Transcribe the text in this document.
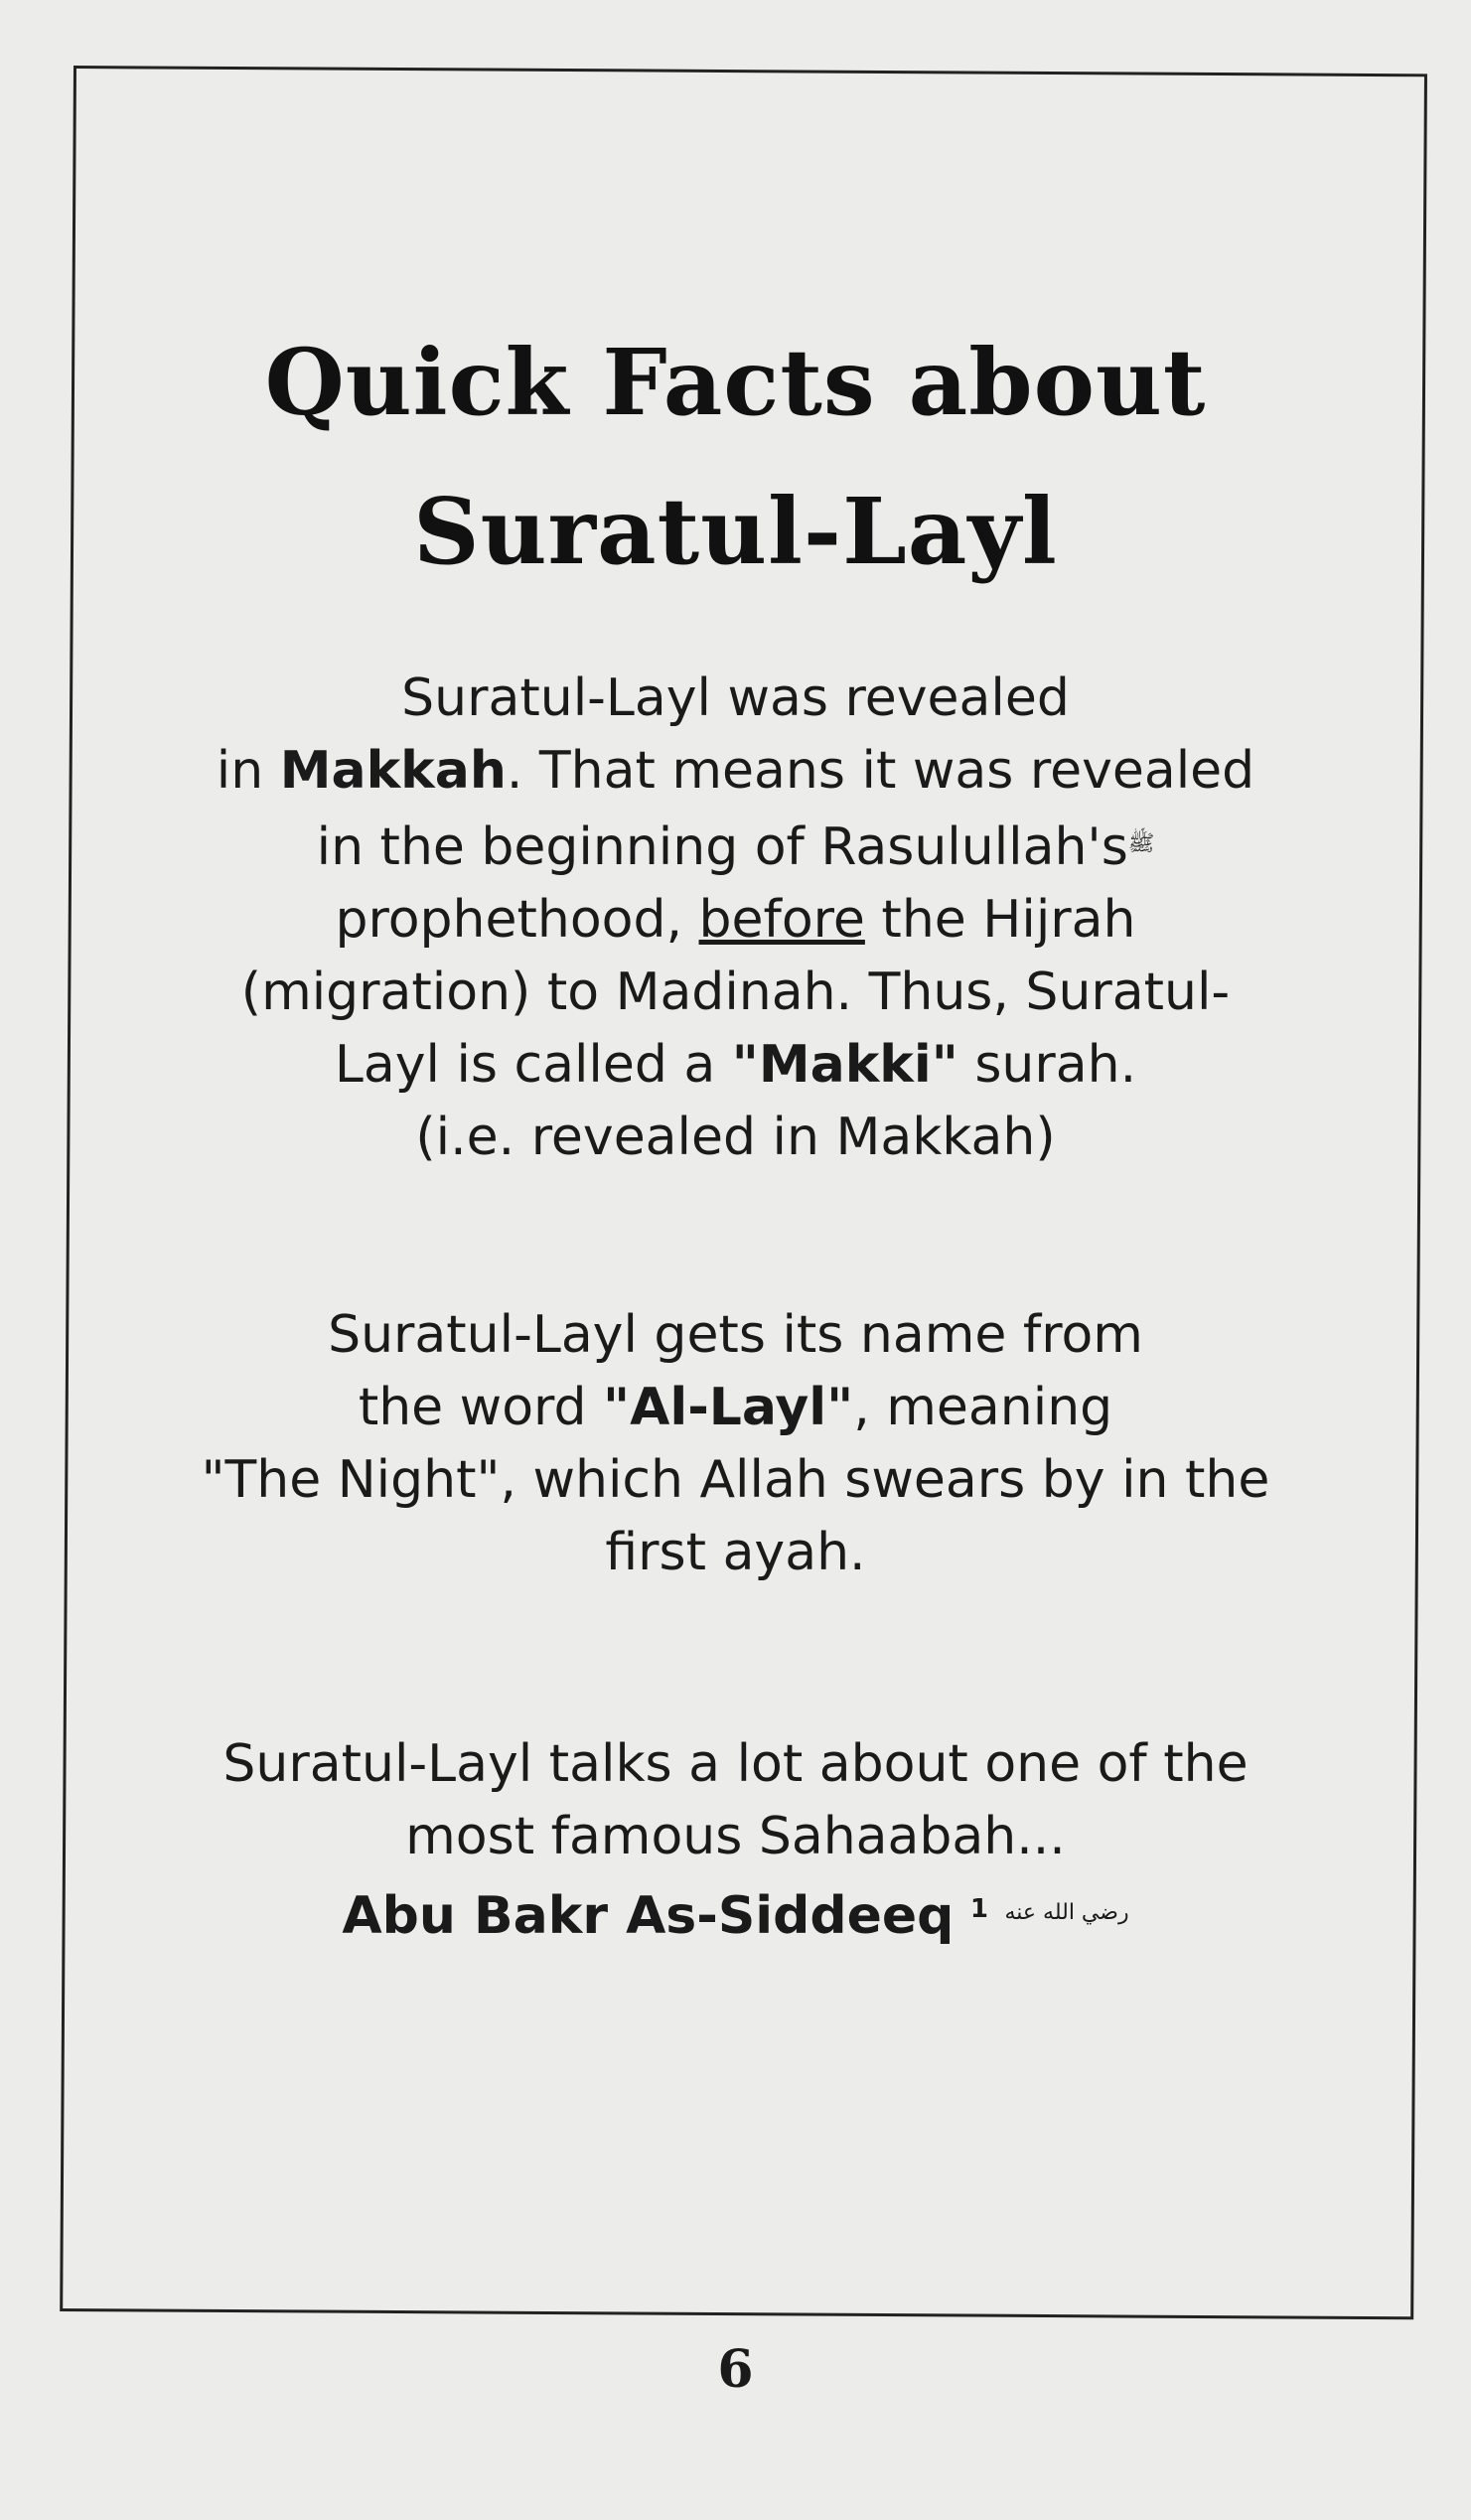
Quick Facts about
Suratul-Layl
Suratul-Layl was revealed
in Makkah. That means it was revealed
in the beginning of $Rasulullah's^ﷺ$
prophethood, before the Hijrah
(migration) to Madinah. Thus, Suratul-
Layl is called a "Makki" surah.
(i.e. revealed in Makkah)
Suratul-Layl gets its name from
the word "Al-Layl", meaning
"The Night", which Allah swears by in the
first ayah.
Suratul-Layl talks a lot about one of the
most famous Sahaabah...
Abu Bakr As-Siddeeq $^{رضي الله عنه}$ $^1$
6
